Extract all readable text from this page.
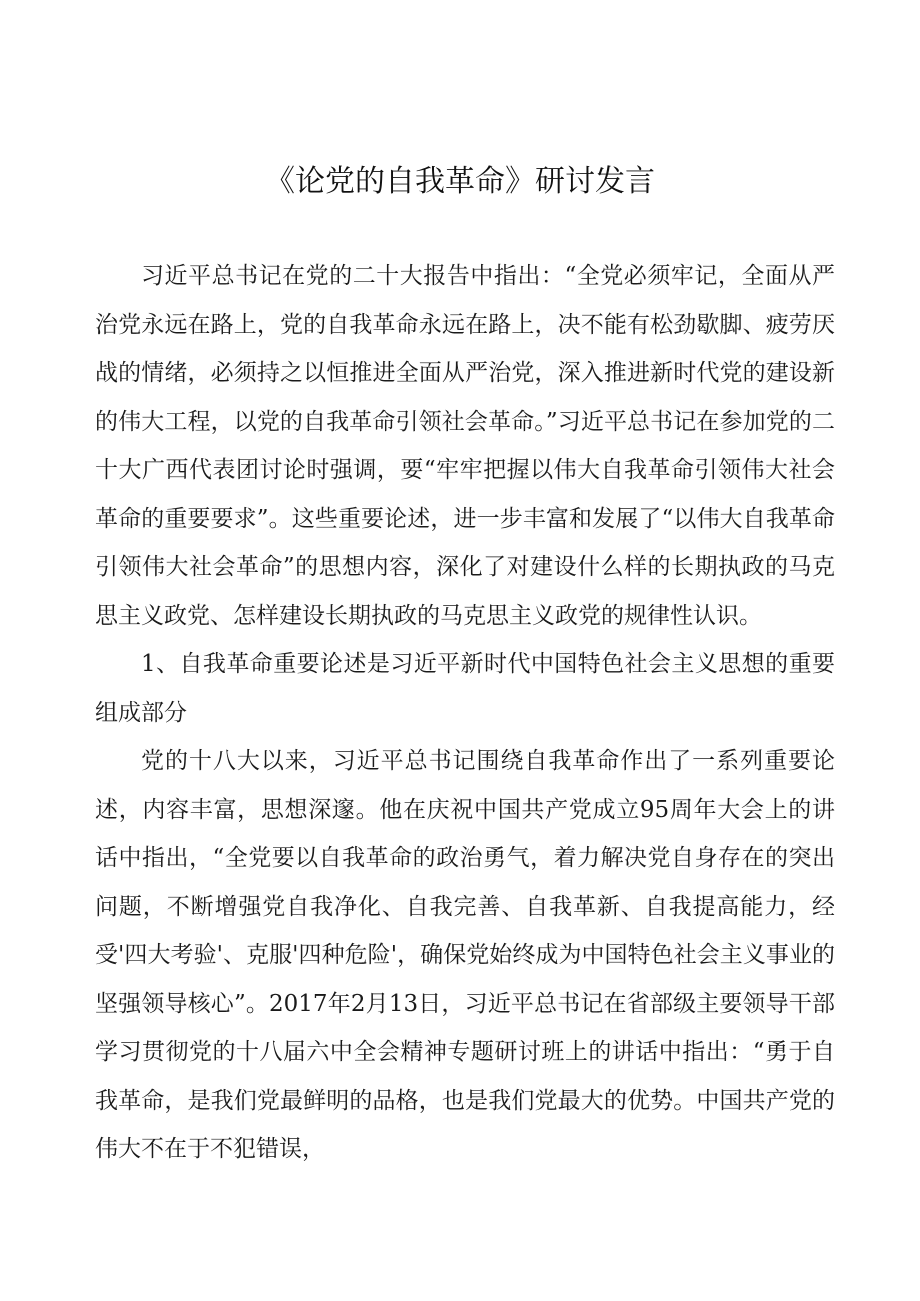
《论党的自我革命》研讨发言

习近平总书记在党的二十大报告中指出：“全党必须牢记，全面从严治党永远在路上，党的自我革命永远在路上，决不能有松劲歇脚、疲劳厌战的情绪，必须持之以恒推进全面从严治党，深入推进新时代党的建设新的伟大工程，以党的自我革命引领社会革命。”习近平总书记在参加党的二十大广西代表团讨论时强调，要“牢牢把握以伟大自我革命引领伟大社会革命的重要要求”。这些重要论述，进一步丰富和发展了“以伟大自我革命引领伟大社会革命”的思想内容，深化了对建设什么样的长期执政的马克思主义政党、怎样建设长期执政的马克思主义政党的规律性认识。

1、自我革命重要论述是习近平新时代中国特色社会主义思想的重要组成部分

党的十八大以来，习近平总书记围绕自我革命作出了一系列重要论述，内容丰富，思想深邃。他在庆祝中国共产党成立95周年大会上的讲话中指出，“全党要以自我革命的政治勇气，着力解决党自身存在的突出问题，不断增强党自我净化、自我完善、自我革新、自我提高能力，经受'四大考验'、克服'四种危险'，确保党始终成为中国特色社会主义事业的坚强领导核心”。2017年2月13日，习近平总书记在省部级主要领导干部学习贯彻党的十八届六中全会精神专题研讨班上的讲话中指出：“勇于自我革命，是我们党最鲜明的品格，也是我们党最大的优势。中国共产党的伟大不在于不犯错误，
